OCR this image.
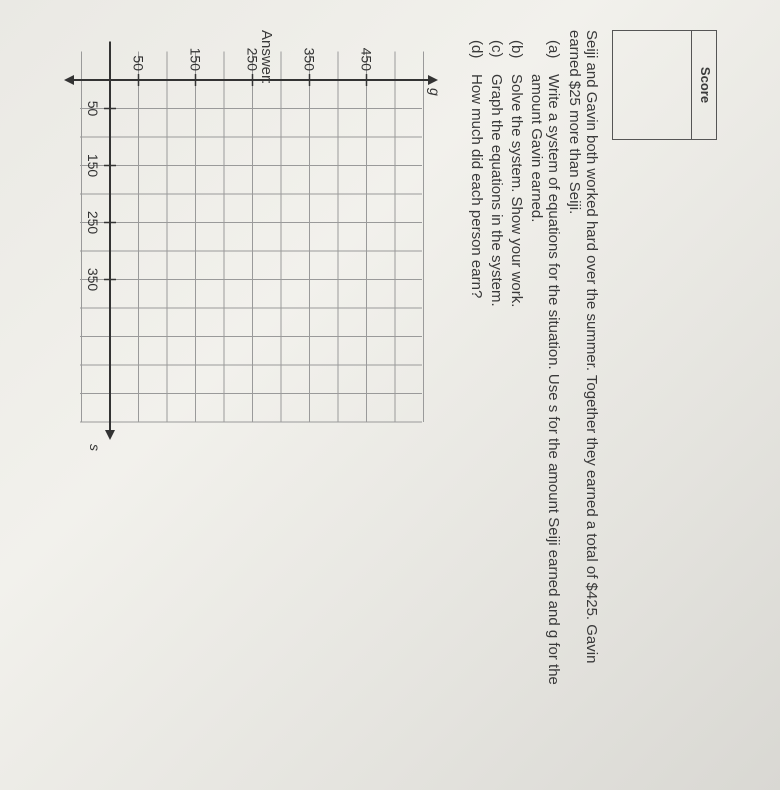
Score

Seiji and Gavin both worked hard over the summer. Together they earned a total of $425. Gavin earned $25 more than Seiji.

(a)
Write a system of equations for the situation. Use s for the amount Seiji earned and g for the amount Gavin earned.
(b)
Solve the system. Show your work.
(c)
Graph the equations in the system.
(d)
How much did each person earn?
50
150
250
350
50	150	250	350	450
s
g
Answer:
